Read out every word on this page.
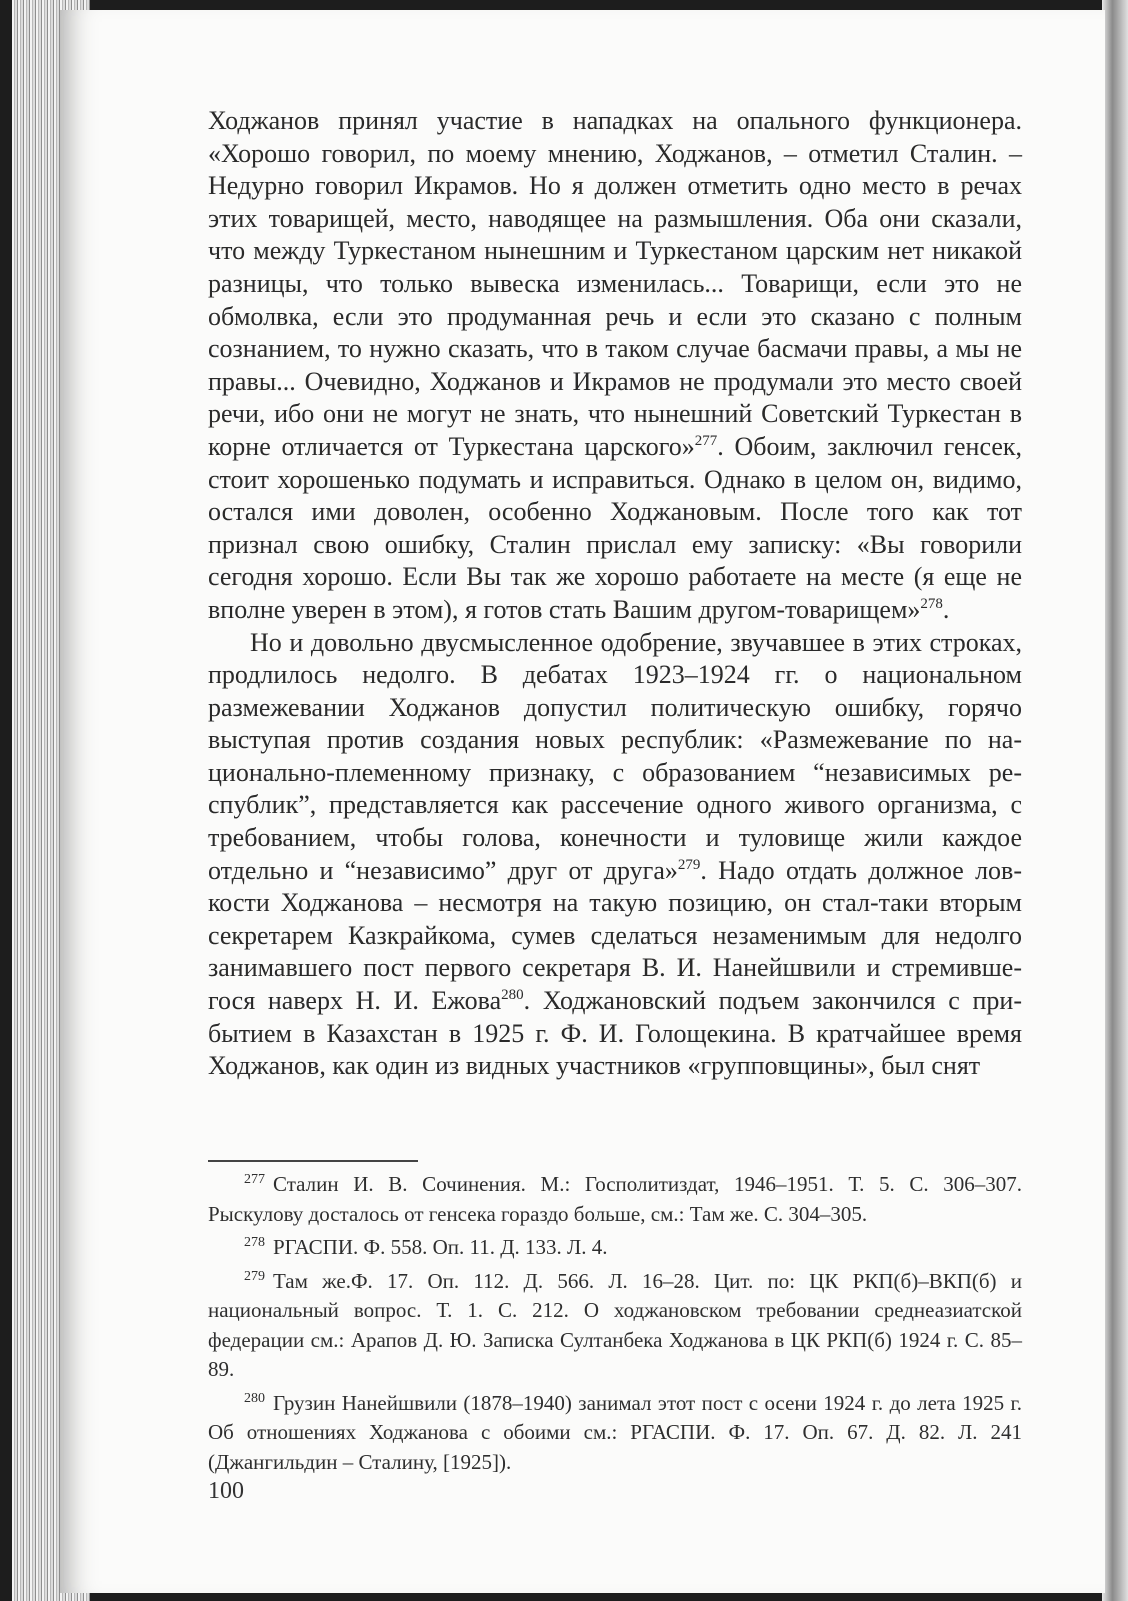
Ходжанов принял участие в нападках на опального функционера. «Хорошо говорил, по моему мнению, Ходжанов, – отметил Сталин. – Недурно говорил Икрамов. Но я должен отметить одно место в речах этих товарищей, место, наводящее на размышления. Оба они сказали, что между Туркестаном нынешним и Туркестаном царским нет никакой разницы, что только вывеска изменилась... Товарищи, если это не обмолвка, если это продуманная речь и если это сказано с полным сознанием, то нужно сказать, что в таком случае басмачи правы, а мы не правы... Очевидно, Ходжанов и Икрамов не продумали это место своей речи, ибо они не могут не знать, что нынешний Советский Туркестан в корне отличается от Туркестана царского»$^{277}$. Обоим, заключил генсек, стоит хорошенько подумать и исправиться. Однако в целом он, видимо, остался ими доволен, особенно Ходжановым. После того как тот признал свою ошибку, Сталин прислал ему записку: «Вы говорили сегодня хорошо. Если Вы так же хорошо работаете на месте (я еще не вполне уверен в этом), я готов стать Вашим другом-товарищем»$^{278}$.

Но и довольно двусмысленное одобрение, звучавшее в этих строках, продлилось недолго. В дебатах 1923–1924 гг. о национальном размежевании Ходжанов допустил политическую ошибку, горячо выступая против создания новых республик: «Размежевание по национально-племенному признаку, с образованием “независимых республик”, представляется как рассечение одного живого организма, с требованием, чтобы голова, конечности и туловище жили каждое отдельно и “независимо” друг от друга»$^{279}$. Надо отдать должное ловкости Ходжанова – несмотря на такую позицию, он стал-таки вторым секретарем Казкрайкома, сумев сделаться незаменимым для недолго занимавшего пост первого секретаря В. И. Нанейшвили и стремившегося наверх Н. И. Ежова$^{280}$. Ходжановский подъем закончился с прибытием в Казахстан в 1925 г. Ф. И. Голощекина. В кратчайшее время Ходжанов, как один из видных участников «групповщины», был снят

$^{277}$ Сталин И. В. Сочинения. М.: Госполитиздат, 1946–1951. Т. 5. С. 306–307. Рыскулову досталось от генсека гораздо больше, см.: Там же. С. 304–305.

$^{278}$ РГАСПИ. Ф. 558. Оп. 11. Д. 133. Л. 4.

$^{279}$ Там же.Ф. 17. Оп. 112. Д. 566. Л. 16–28. Цит. по: ЦК РКП(б)–ВКП(б) и национальный вопрос. Т. 1. С. 212. О ходжановском требовании среднеазиатской федерации см.: Арапов Д. Ю. Записка Султанбека Ходжанова в ЦК РКП(б) 1924 г. С. 85–89.

$^{280}$ Грузин Нанейшвили (1878–1940) занимал этот пост с осени 1924 г. до лета 1925 г. Об отношениях Ходжанова с обоими см.: РГАСПИ. Ф. 17. Оп. 67. Д. 82. Л. 241 (Джангильдин – Сталину, [1925]).

100
